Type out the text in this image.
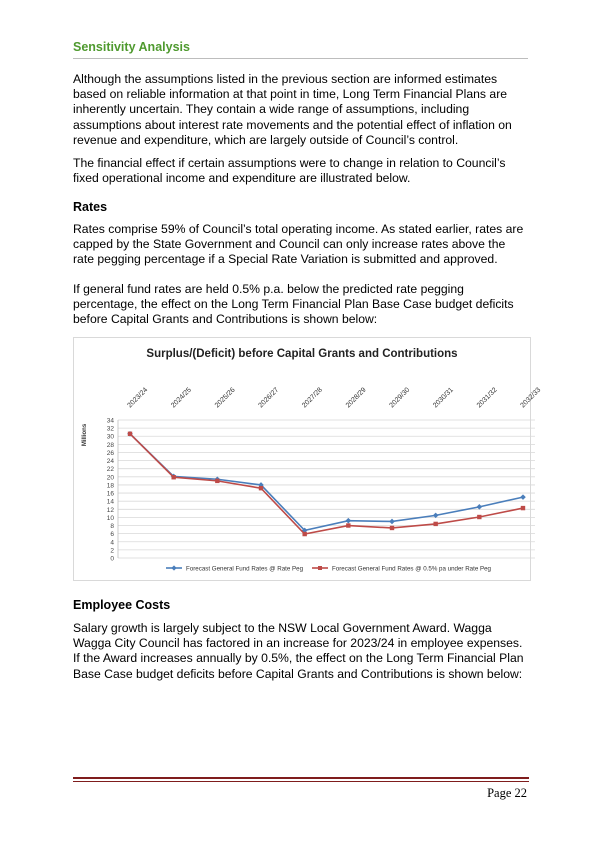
Sensitivity Analysis

Although the assumptions listed in the previous section are informed estimates based on reliable information at that point in time, Long Term Financial Plans are inherently uncertain. They contain a wide range of assumptions, including assumptions about interest rate movements and the potential effect of inflation on revenue and expenditure, which are largely outside of Council’s control.

The financial effect if certain assumptions were to change in relation to Council’s fixed operational income and expenditure are illustrated below.

Rates

Rates comprise 59% of Council’s total operating income. As stated earlier, rates are capped by the State Government and Council can only increase rates above the rate pegging percentage if a Special Rate Variation is submitted and approved.

If general fund rates are held 0.5% p.a. below the predicted rate pegging percentage, the effect on the Long Term Financial Plan Base Case budget deficits before Capital Grants and Contributions is shown below:

Surplus/(Deficit) before Capital Grants and Contributions
0
2
4
6
8
10
12
14
16
18
20
22
24
26
28
30
32
34
Millions
2023/24	2024/25	2025/26	2026/27	2027/28	2028/29	2029/30	2030/31	2031/32	2032/33
Forecast General Fund Rates @ Rate Peg	Forecast General Fund Rates @ 0.5% pa under Rate Peg
Employee Costs

Salary growth is largely subject to the NSW Local Government Award. Wagga Wagga City Council has factored in an increase for 2023/24 in employee expenses. If the Award increases annually by 0.5%, the effect on the Long Term Financial Plan Base Case budget deficits before Capital Grants and Contributions is shown below:

Page 22
